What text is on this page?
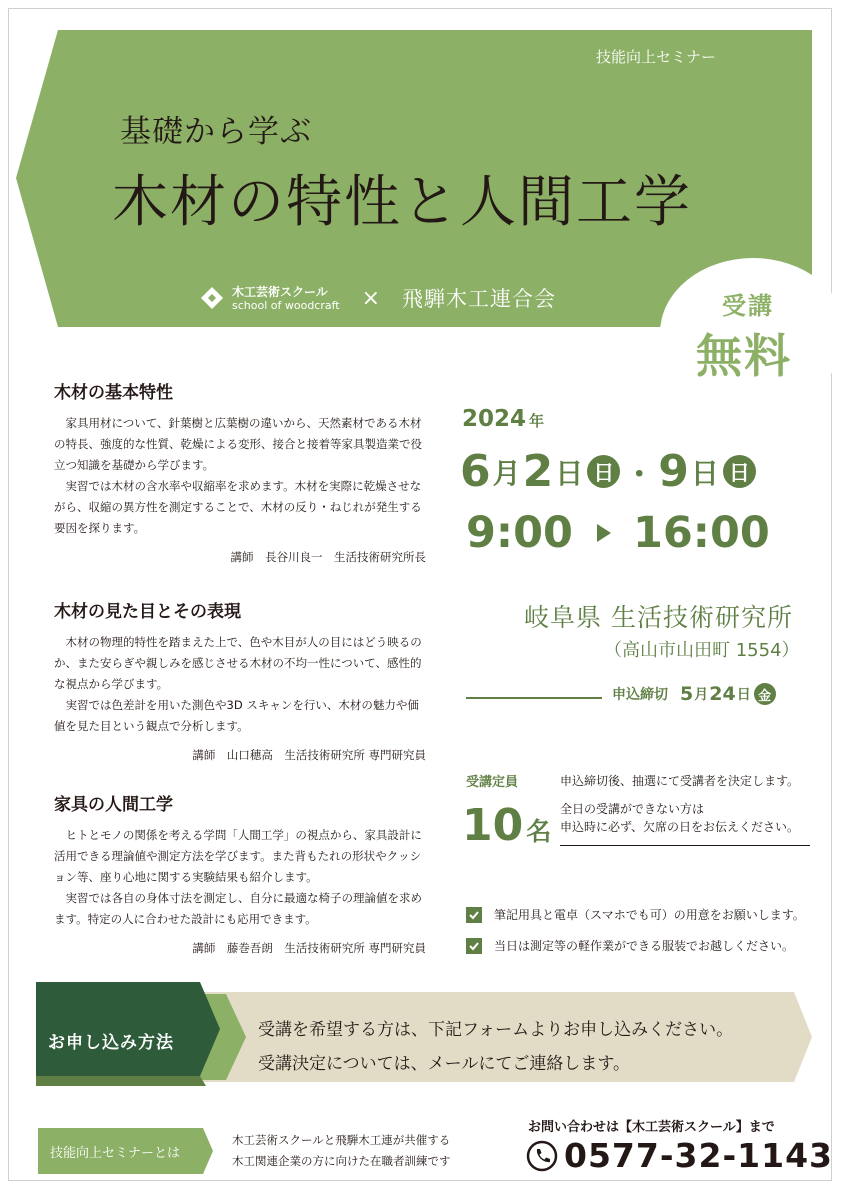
技能向上セミナー
基礎から学ぶ
木材の特性と人間工学
木工芸術スクール
school of woodcraft × 飛騨木工連合会	受講
無料
木材の基本特性

家具用材について、針葉樹と広葉樹の違いから、天然素材である木材の特長、強度的な性質、乾燥による変形、接合と接着等家具製造業で役立つ知識を基礎から学びます。

実習では木材の含水率や収縮率を求めます。木材を実際に乾燥させながら、収縮の異方性を測定することで、木材の反り・ねじれが発生する要因を探ります。

講師　長谷川良一　生活技術研究所長

木材の見た目とその表現

木材の物理的特性を踏まえた上で、色や木目が人の目にはどう映るのか、また安らぎや親しみを感じさせる木材の不均一性について、感性的な視点から学びます。

実習では色差計を用いた測色や3D スキャンを行い、木材の魅力や価値を見た目という観点で分析します。

講師　山口穂高　生活技術研究所 専門研究員

家具の人間工学

ヒトとモノの関係を考える学問「人間工学」の視点から、家具設計に活用できる理論値や測定方法を学びます。また背もたれの形状やクッション等、座り心地に関する実験結果も紹介します。

実習では各自の身体寸法を測定し、自分に最適な椅子の理論値を求めます。特定の人に合わせた設計にも応用できます。

講師　藤巻吾朗　生活技術研究所 専門研究員

2024 年
6 月 2 日 日 ・ 9 日 日
9:00 16:00
岐阜県 生活技術研究所
（高山市山田町 1554）
申込締切 5 月 24 日 金
受講定員
10 名
申込締切後、抽選にて受講者を決定します。
全日の受講ができない方は
申込時に必ず、欠席の日をお伝えください。
筆記用具と電卓（スマホでも可）の用意をお願いします。
当日は測定等の軽作業ができる服装でお越しください。
お申し込み方法
受講を希望する方は、下記フォームよりお申し込みください。
受講決定については、メールにてご連絡します。
技能向上セミナーとは
木工芸術スクールと飛騨木工連が共催する
木工関連企業の方に向けた在職者訓練です
お問い合わせは【木工芸術スクール】まで
0577-32-1143
